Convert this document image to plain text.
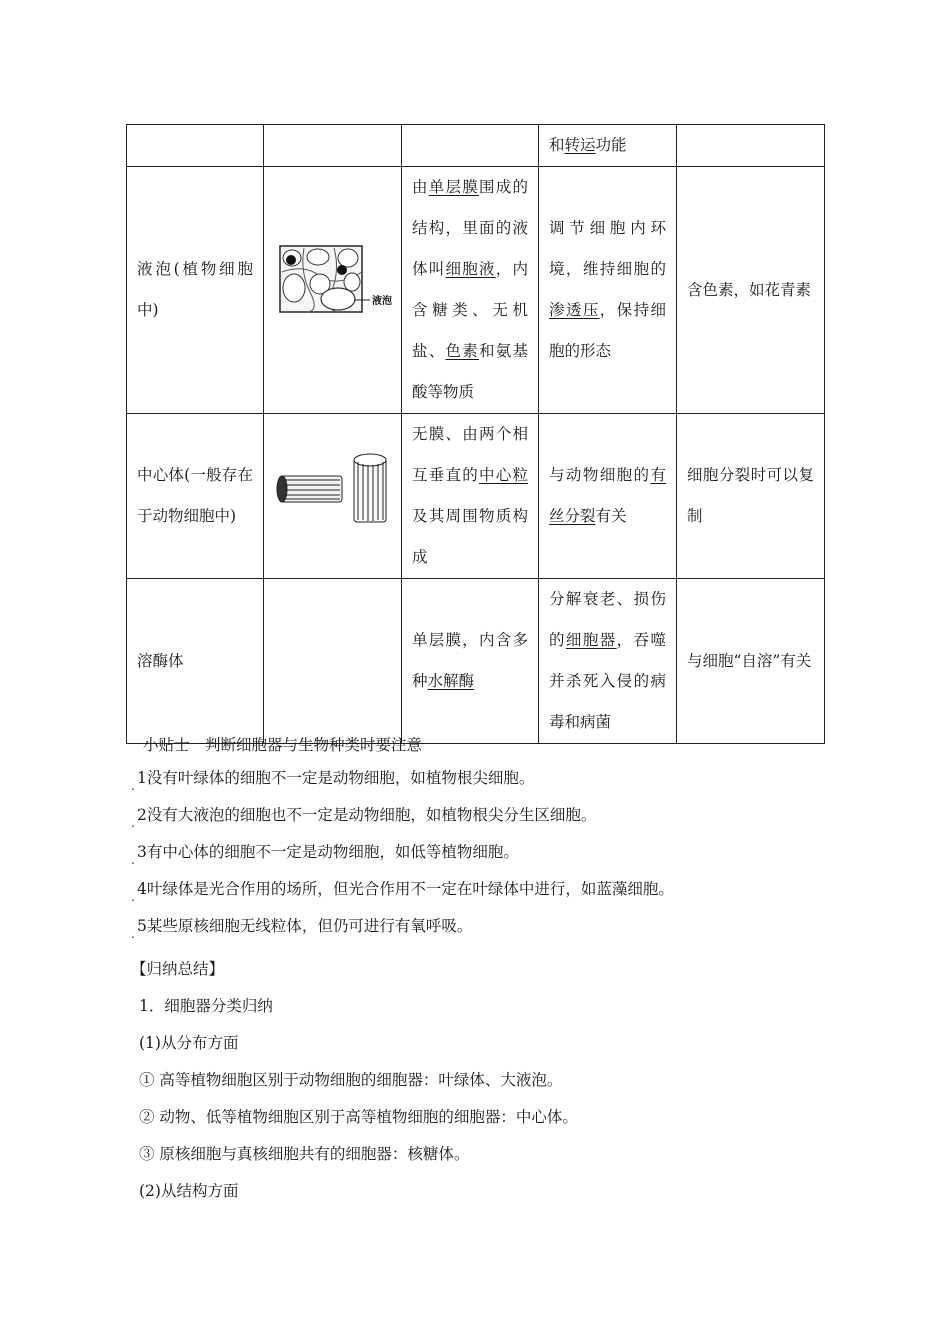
			和转运功能	
液泡(植物细胞中)	液泡	由单层膜围成的结构，里面的液体叫细胞液，内含糖类、无机盐、色素和氨基酸等物质	调节细胞内环境，维持细胞的渗透压，保持细胞的形态	含色素，如花青素
中心体(一般存在于动物细胞中)		无膜、由两个相互垂直的中心粒及其周围物质构成	与动物细胞的有丝分裂有关	细胞分裂时可以复制
溶酶体		单层膜，内含多种水解酶	分解衰老、损伤的细胞器，吞噬并杀死入侵的病毒和病菌	与细胞“自溶”有关
小贴士　判断细胞器与生物种类时要注意
. 1没有叶绿体的细胞不一定是动物细胞，如植物根尖细胞。
. 2没有大液泡的细胞也不一定是动物细胞，如植物根尖分生区细胞。
. 3有中心体的细胞不一定是动物细胞，如低等植物细胞。
. 4叶绿体是光合作用的场所，但光合作用不一定在叶绿体中进行，如蓝藻细胞。
. 5某些原核细胞无线粒体，但仍可进行有氧呼吸。
【归纳总结】
1．细胞器分类归纳
(1)从分布方面
① 高等植物细胞区别于动物细胞的细胞器：叶绿体、大液泡。
② 动物、低等植物细胞区别于高等植物细胞的细胞器：中心体。
③ 原核细胞与真核细胞共有的细胞器：核糖体。
(2)从结构方面
